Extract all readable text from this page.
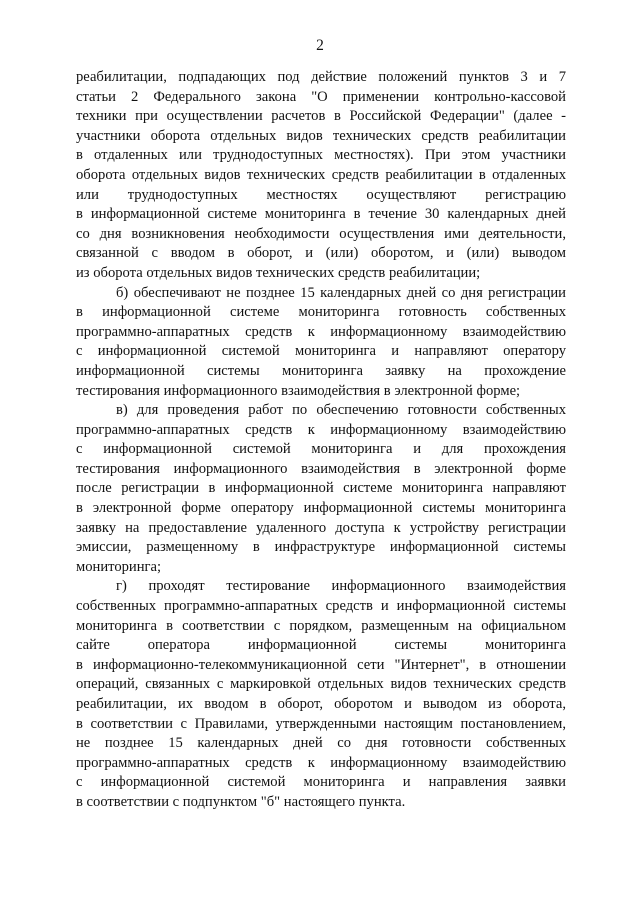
2
реабилитации, подпадающих под действие положений пунктов 3 и 7
статьи 2 Федерального закона "О применении контрольно-кассовой
техники при осуществлении расчетов в Российской Федерации" (далее -
участники оборота отдельных видов технических средств реабилитации
в отдаленных или труднодоступных местностях). При этом участники
оборота отдельных видов технических средств реабилитации в отдаленных
или труднодоступных местностях осуществляют регистрацию
в информационной системе мониторинга в течение 30 календарных дней
со дня возникновения необходимости осуществления ими деятельности,
связанной с вводом в оборот, и (или) оборотом, и (или) выводом
из оборота отдельных видов технических средств реабилитации;
б) обеспечивают не позднее 15 календарных дней со дня регистрации
в информационной системе мониторинга готовность собственных
программно-аппаратных средств к информационному взаимодействию
с информационной системой мониторинга и направляют оператору
информационной системы мониторинга заявку на прохождение
тестирования информационного взаимодействия в электронной форме;
в) для проведения работ по обеспечению готовности собственных
программно-аппаратных средств к информационному взаимодействию
с информационной системой мониторинга и для прохождения
тестирования информационного взаимодействия в электронной форме
после регистрации в информационной системе мониторинга направляют
в электронной форме оператору информационной системы мониторинга
заявку на предоставление удаленного доступа к устройству регистрации
эмиссии, размещенному в инфраструктуре информационной системы
мониторинга;
г) проходят тестирование информационного взаимодействия
собственных программно-аппаратных средств и информационной системы
мониторинга в соответствии с порядком, размещенным на официальном
сайте оператора информационной системы мониторинга
в информационно-телекоммуникационной сети "Интернет", в отношении
операций, связанных с маркировкой отдельных видов технических средств
реабилитации, их вводом в оборот, оборотом и выводом из оборота,
в соответствии с Правилами, утвержденными настоящим постановлением,
не позднее 15 календарных дней со дня готовности собственных
программно-аппаратных средств к информационному взаимодействию
с информационной системой мониторинга и направления заявки
в соответствии с подпунктом "б" настоящего пункта.
